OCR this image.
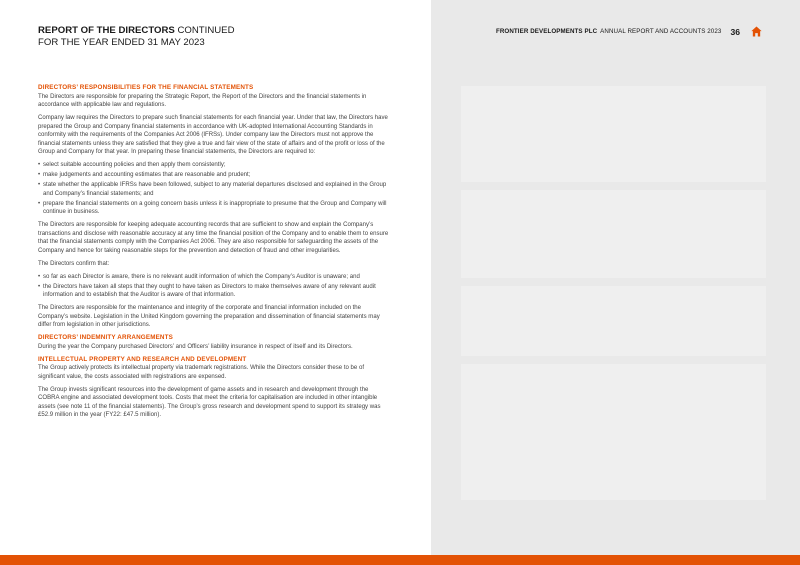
REPORT OF THE DIRECTORS CONTINUED
FOR THE YEAR ENDED 31 MAY 2023
FRONTIER DEVELOPMENTS PLC ANNUAL REPORT AND ACCOUNTS 2023 36
DIRECTORS’ RESPONSIBILITIES FOR THE FINANCIAL STATEMENTS

The Directors are responsible for preparing the Strategic Report, the Report of the Directors and the financial statements in accordance with applicable law and regulations.

Company law requires the Directors to prepare such financial statements for each financial year. Under that law, the Directors have prepared the Group and Company financial statements in accordance with UK-adopted International Accounting Standards in conformity with the requirements of the Companies Act 2006 (IFRSs). Under company law the Directors must not approve the financial statements unless they are satisfied that they give a true and fair view of the state of affairs and of the profit or loss of the Group and Company for that year. In preparing these financial statements, the Directors are required to:

• select suitable accounting policies and then apply them consistently;
• make judgements and accounting estimates that are reasonable and prudent;
• state whether the applicable IFRSs have been followed, subject to any material departures disclosed and explained in the Group and Company’s financial statements; and
• prepare the financial statements on a going concern basis unless it is inappropriate to presume that the Group and Company will continue in business.

The Directors are responsible for keeping adequate accounting records that are sufficient to show and explain the Company’s transactions and disclose with reasonable accuracy at any time the financial position of the Company and to enable them to ensure that the financial statements comply with the Companies Act 2006. They are also responsible for safeguarding the assets of the Company and hence for taking reasonable steps for the prevention and detection of fraud and other irregularities.

The Directors confirm that:

• so far as each Director is aware, there is no relevant audit information of which the Company’s Auditor is unaware; and
• the Directors have taken all steps that they ought to have taken as Directors to make themselves aware of any relevant audit information and to establish that the Auditor is aware of that information.

The Directors are responsible for the maintenance and integrity of the corporate and financial information included on the Company’s website. Legislation in the United Kingdom governing the preparation and dissemination of financial statements may differ from legislation in other jurisdictions.

DIRECTORS’ INDEMNITY ARRANGEMENTS

During the year the Company purchased Directors’ and Officers’ liability insurance in respect of itself and its Directors.

INTELLECTUAL PROPERTY AND RESEARCH AND DEVELOPMENT

The Group actively protects its intellectual property via trademark registrations. While the Directors consider these to be of significant value, the costs associated with registrations are expensed.

The Group invests significant resources into the development of game assets and in research and development through the COBRA engine and associated development tools. Costs that meet the criteria for capitalisation are included in other intangible assets (see note 11 of the financial statements). The Group’s gross research and development spend to support its strategy was £52.9 million in the year (FY22: £47.5 million).
